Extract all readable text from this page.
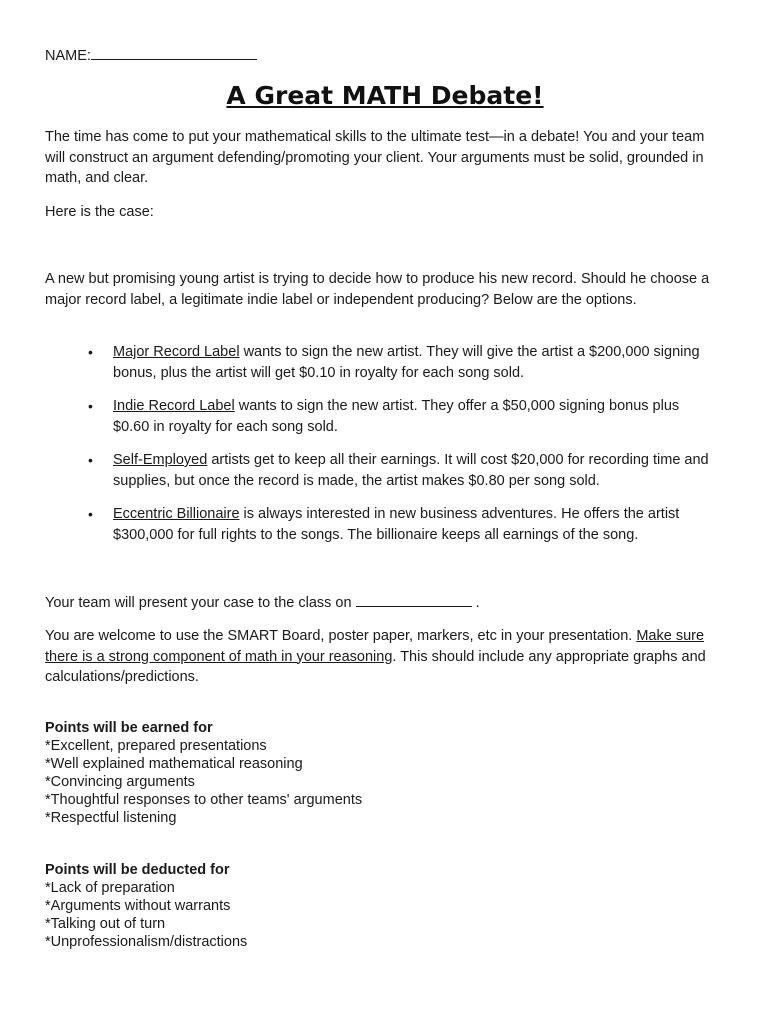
NAME:

A Great MATH Debate!

The time has come to put your mathematical skills to the ultimate test—in a debate! You and your team will construct an argument defending/promoting your client. Your arguments must be solid, grounded in math, and clear.

Here is the case:

A new but promising young artist is trying to decide how to produce his new record. Should he choose a major record label, a legitimate indie label or independent producing? Below are the options.

• Major Record Label wants to sign the new artist. They will give the artist a $200,000 signing bonus, plus the artist will get $0.10 in royalty for each song sold.
• Indie Record Label wants to sign the new artist. They offer a $50,000 signing bonus plus $0.60 in royalty for each song sold.
• Self-Employed artists get to keep all their earnings. It will cost $20,000 for recording time and supplies, but once the record is made, the artist makes $0.80 per song sold.
• Eccentric Billionaire is always interested in new business adventures. He offers the artist $300,000 for full rights to the songs. The billionaire keeps all earnings of the song.

Your team will present your case to the class on	.

You are welcome to use the SMART Board, poster paper, markers, etc in your presentation. Make sure there is a strong component of math in your reasoning. This should include any appropriate graphs and calculations/predictions.

Points will be earned for

*Excellent, prepared presentations

*Well explained mathematical reasoning

*Convincing arguments

*Thoughtful responses to other teams' arguments

*Respectful listening

Points will be deducted for

*Lack of preparation

*Arguments without warrants

*Talking out of turn

*Unprofessionalism/distractions
